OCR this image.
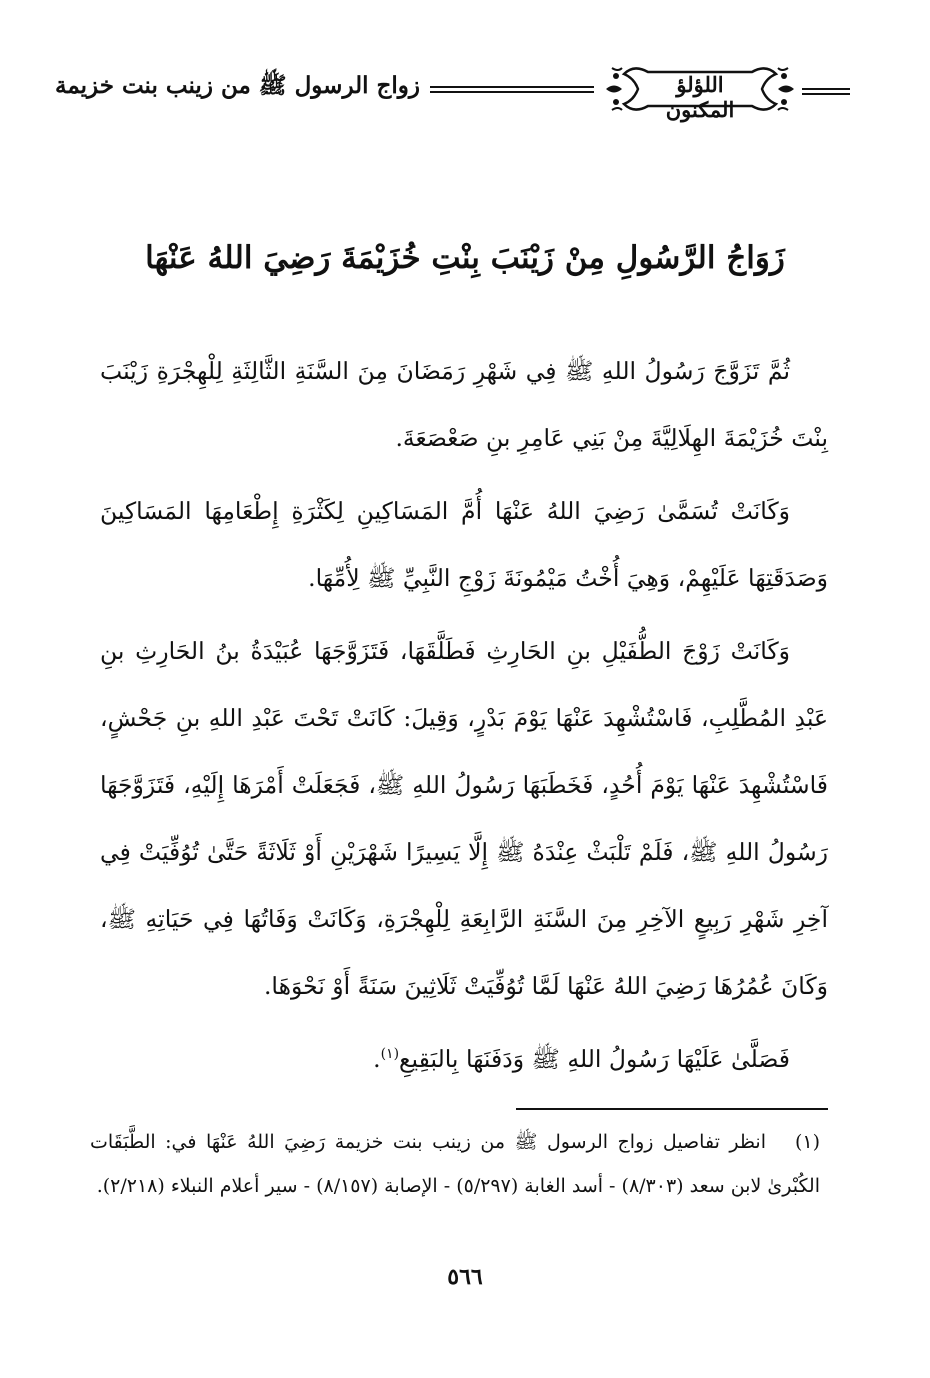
اللؤلؤ المكنون
زواج الرسول ﷺ من زينب بنت خزيمة
زَوَاجُ الرَّسُولِ مِنْ زَيْنَبَ بِنْتِ خُزَيْمَةَ رَضِيَ اللهُ عَنْهَا

ثُمَّ تَزَوَّجَ رَسُولُ اللهِ ﷺ فِي شَهْرِ رَمَضَانَ مِنَ السَّنَةِ الثَّالِثَةِ لِلْهِجْرَةِ زَيْنَبَ بِنْتَ خُزَيْمَةَ الهِلَالِيَّةَ مِنْ بَنِي عَامِرِ بنِ صَعْصَعَةَ.

وَكَانَتْ تُسَمَّىٰ رَضِيَ اللهُ عَنْهَا أُمَّ المَسَاكِينِ لِكَثْرَةِ إِطْعَامِهَا المَسَاكِينَ وَصَدَقَتِهَا عَلَيْهِمْ، وَهِيَ أُخْتُ مَيْمُونَةَ زَوْجِ النَّبِيِّ ﷺ لِأُمِّهَا.

وَكَانَتْ زَوْجَ الطُّفَيْلِ بنِ الحَارِثِ فَطَلَّقَهَا، فَتَزَوَّجَهَا عُبَيْدَةُ بنُ الحَارِثِ بنِ عَبْدِ المُطَّلِبِ، فَاسْتُشْهِدَ عَنْهَا يَوْمَ بَدْرٍ، وَقِيلَ: كَانَتْ تَحْتَ عَبْدِ اللهِ بنِ جَحْشٍ، فَاسْتُشْهِدَ عَنْهَا يَوْمَ أُحُدٍ، فَخَطَبَهَا رَسُولُ اللهِ ﷺ، فَجَعَلَتْ أَمْرَهَا إِلَيْهِ، فَتَزَوَّجَهَا رَسُولُ اللهِ ﷺ، فَلَمْ تَلْبَثْ عِنْدَهُ ﷺ إِلَّا يَسِيرًا شَهْرَيْنِ أَوْ ثَلَاثَةً حَتَّىٰ تُوُفِّيَتْ فِي آخِرِ شَهْرِ رَبِيعٍ الآخِرِ مِنَ السَّنَةِ الرَّابِعَةِ لِلْهِجْرَةِ، وَكَانَتْ وَفَاتُهَا فِي حَيَاتِهِ ﷺ، وَكَانَ عُمُرُهَا رَضِيَ اللهُ عَنْهَا لَمَّا تُوُفِّيَتْ ثَلَاثِينَ سَنَةً أَوْ نَحْوَهَا.

فَصَلَّىٰ عَلَيْهَا رَسُولُ اللهِ ﷺ وَدَفَنَهَا بِالبَقِيعِ$^{(١)}$.

(١)انظر تفاصيل زواج الرسول ﷺ من زينب بنت خزيمة رَضِيَ اللهُ عَنْهَا في: الطَّبَقَات الكُبْرىٰ لابن سعد (٨/٣٠٣) - أسد الغابة (٥/٢٩٧) - الإصابة (٨/١٥٧) - سير أعلام النبلاء (٢/٢١٨).
٥٦٦
